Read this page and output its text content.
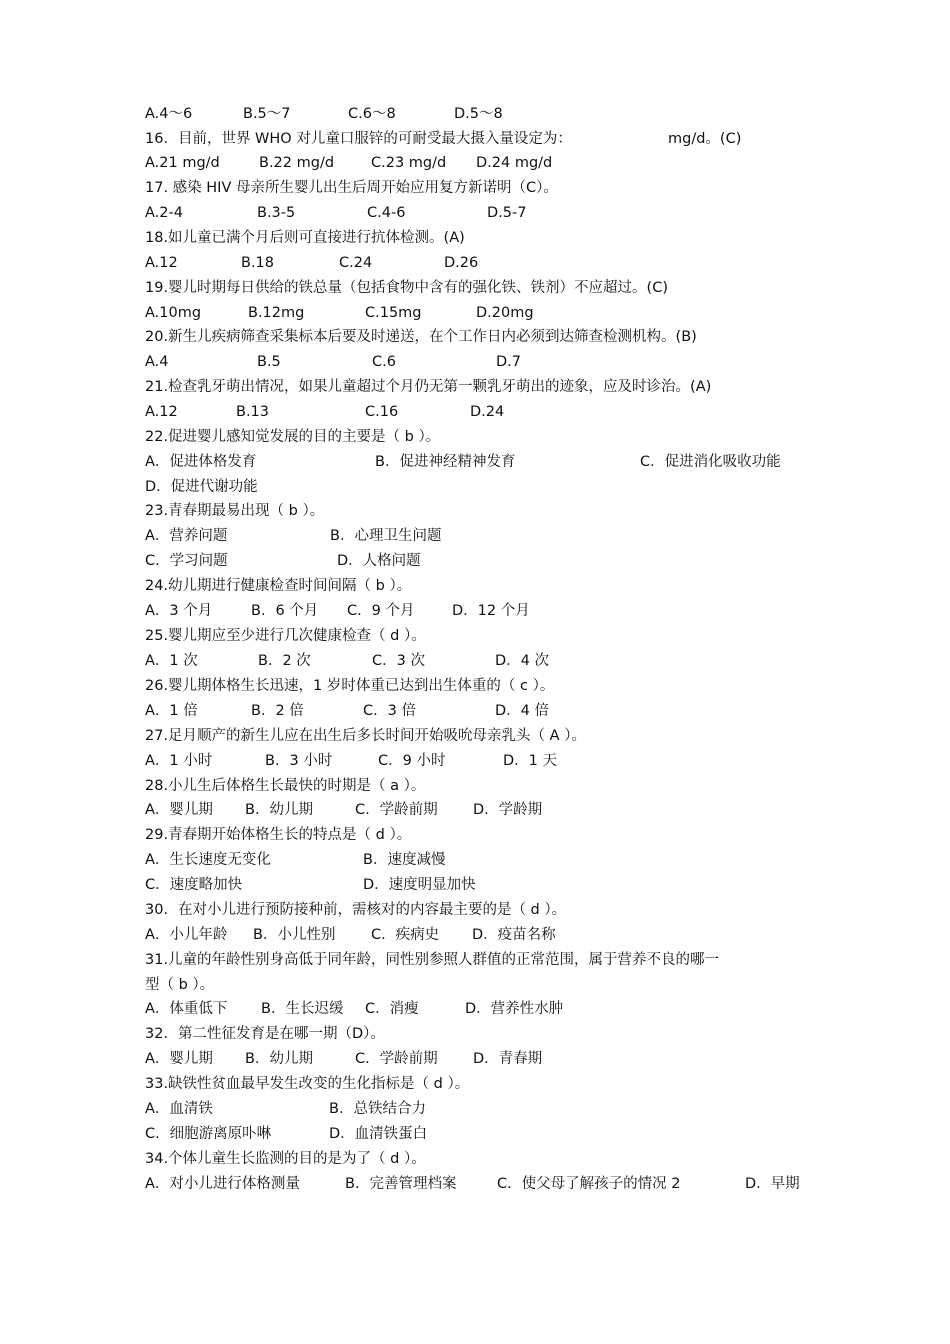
A.4～6	B.5～7	C.6～8	D.5～8
16．目前，世界 WHO 对儿童口服锌的可耐受最大摄入量设定为：	mg/d。(C)
A.21 mg/d	B.22 mg/d	C.23 mg/d D.24 mg/d
17. 感染 HIV 母亲所生婴儿出生后周开始应用复方新诺明（C）。
A.2-4	B.3-5	C.4-6	D.5-7
18.如儿童已满个月后则可直接进行抗体检测。(A)
A.12	B.18	C.24	D.26
19.婴儿时期每日供给的铁总量（包括食物中含有的强化铁、铁剂）不应超过。(C)
A.10mg	B.12mg	C.15mg	D.20mg
20.新生儿疾病筛查采集标本后要及时递送，在个工作日内必须到达筛查检测机构。(B)
A.4	B.5	C.6	D.7
21.检查乳牙萌出情况，如果儿童超过个月仍无第一颗乳牙萌出的迹象，应及时诊治。(A)
A.12	B.13	C.16	D.24
22.促进婴儿感知觉发展的目的主要是（ b ）。
A．促进体格发育	B．促进神经精神发育	C．促进消化吸收功能
D．促进代谢功能
23.青春期最易出现（ b ）。
A．营养问题	B．心理卫生问题
C．学习问题	D．人格问题
24.幼儿期进行健康检查时间间隔（ b ）。
A．3 个月	B．6 个月 C．9 个月	D．12 个月
25.婴儿期应至少进行几次健康检查（ d ）。
A．1 次	B．2 次	C．3 次	D．4 次
26.婴儿期体格生长迅速，1 岁时体重已达到出生体重的（ c ）。
A．1 倍	B．2 倍	C．3 倍	D．4 倍
27.足月顺产的新生儿应在出生后多长时间开始吸吮母亲乳头（ A ）。
A．1 小时	B．3 小时	C．9 小时	D．1 天
28.小儿生后体格生长最快的时期是（ a ）。
A．婴儿期 B．幼儿期	C．学龄前期 D．学龄期
29.青春期开始体格生长的特点是（ d ）。
A．生长速度无变化	B．速度减慢
C．速度略加快	D．速度明显加快
30．在对小儿进行预防接种前，需核对的内容最主要的是（ d ）。
A．小儿年龄 B．小儿性别 C．疾病史 D．疫苗名称
31.儿童的年龄性别身高低于同年龄，同性别参照人群值的正常范围，属于营养不良的哪一
型（ b ）。
A．体重低下 B．生长迟缓 C．消瘦	D．营养性水肿
32．第二性征发育是在哪一期（D）。
A．婴儿期 B．幼儿期	C．学龄前期 D．青春期
33.缺铁性贫血最早发生改变的生化指标是（ d ）。
A．血清铁	B．总铁结合力
C．细胞游离原卟啉	D．血清铁蛋白
34.个体儿童生长监测的目的是为了（ d ）。
A．对小儿进行体格测量	B．完善管理档案	C．使父母了解孩子的情况 2	D．早期
